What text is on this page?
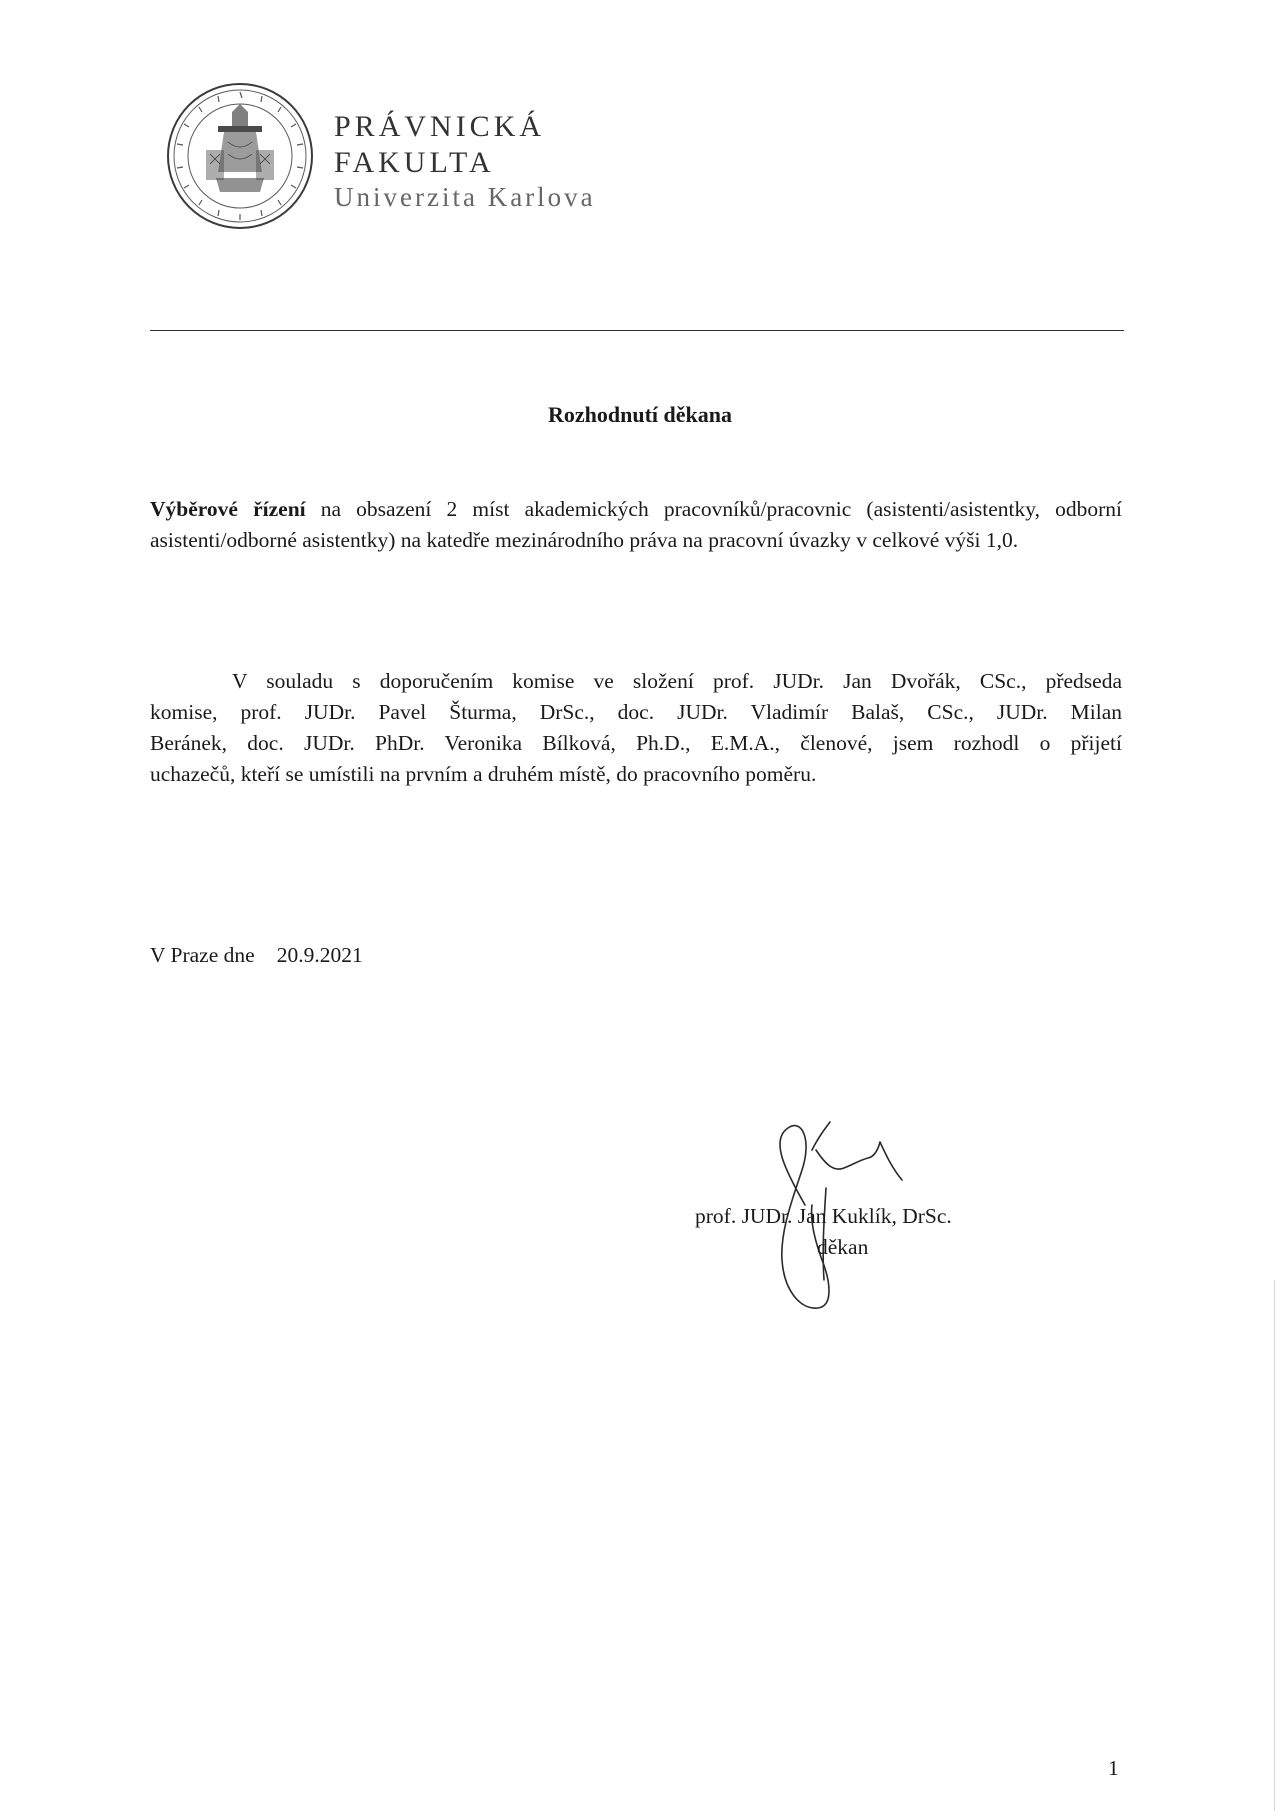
PRÁVNICKÁ
FAKULTA
Univerzita Karlova
Rozhodnutí děkana
Výběrové řízení na obsazení 2 míst akademických pracovníků/pracovnic (asistenti/asistentky, odborní asistenti/odborné asistentky) na katedře mezinárodního práva na pracovní úvazky v celkové výši 1,0.
V souladu s doporučením komise ve složení prof. JUDr. Jan Dvořák, CSc., předseda
komise, prof. JUDr. Pavel Šturma, DrSc., doc. JUDr. Vladimír Balaš, CSc., JUDr. Milan
Beránek, doc. JUDr. PhDr. Veronika Bílková, Ph.D., E.M.A., členové, jsem rozhodl o přijetí
uchazečů, kteří se umístili na prvním a druhém místě, do pracovního poměru.
V Praze dne 20.9.2021
prof. JUDr. Jan Kuklík, DrSc.
děkan
1
